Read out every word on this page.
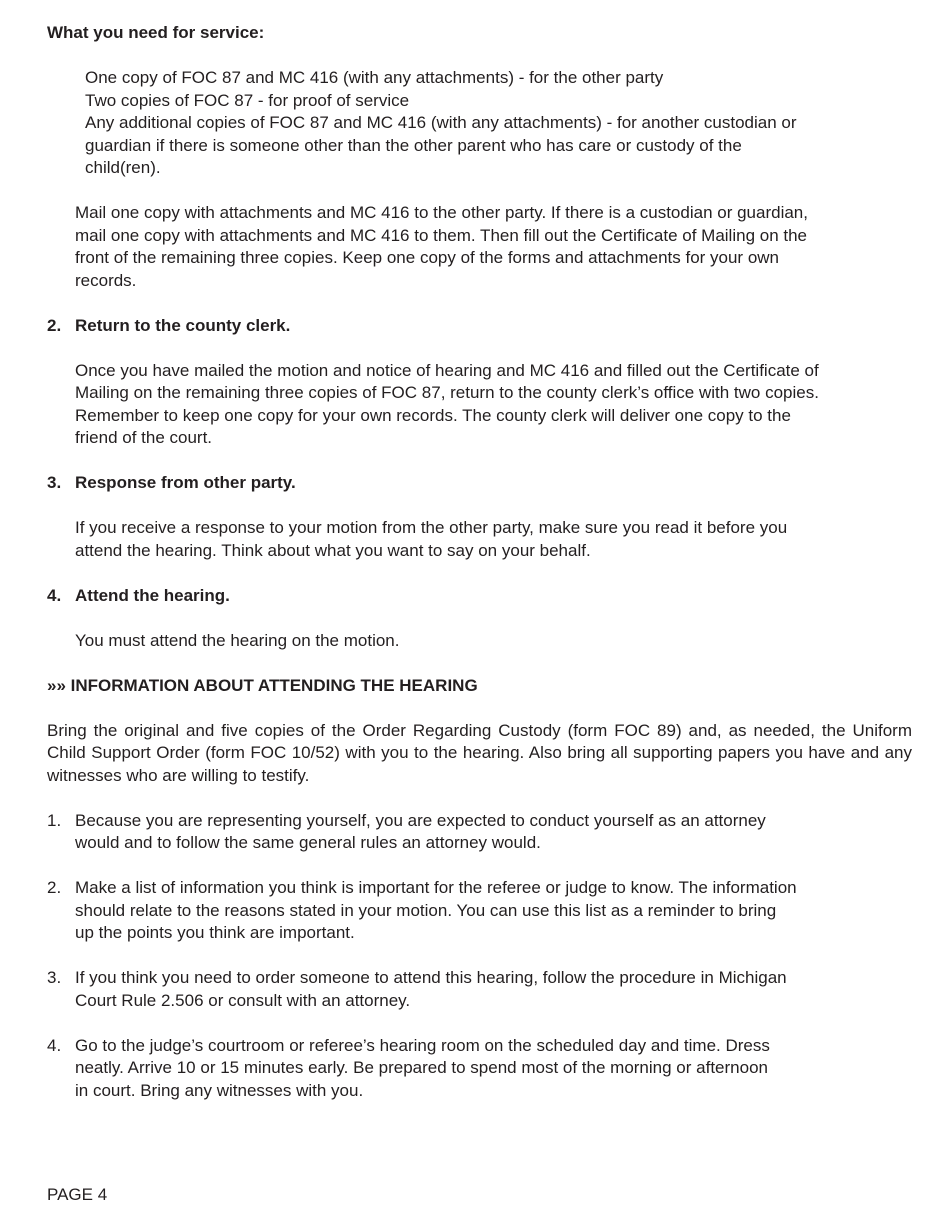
What you need for service:

One copy of FOC 87 and MC 416 (with any attachments) - for the other party

Two copies of FOC 87 - for proof of service

Any additional copies of FOC 87 and MC 416 (with any attachments) - for another custodian or

guardian if there is someone other than the other parent who has care or custody of the

child(ren).

Mail one copy with attachments and MC 416 to the other party. If there is a custodian or guardian,

mail one copy with attachments and MC 416 to them. Then fill out the Certificate of Mailing on the

front of the remaining three copies. Keep one copy of the forms and attachments for your own

records.

2. Return to the county clerk.

Once you have mailed the motion and notice of hearing and MC 416 and filled out the Certificate of

Mailing on the remaining three copies of FOC 87, return to the county clerk’s office with two copies.

Remember to keep one copy for your own records. The county clerk will deliver one copy to the

friend of the court.

3. Response from other party.

If you receive a response to your motion from the other party, make sure you read it before you

attend the hearing. Think about what you want to say on your behalf.

4. Attend the hearing.

You must attend the hearing on the motion.

»» INFORMATION ABOUT ATTENDING THE HEARING

Bring the original and five copies of the Order Regarding Custody (form FOC 89) and, as needed, the Uniform Child Support Order (form FOC 10/52) with you to the hearing. Also bring all supporting papers you have and any witnesses who are willing to testify.

1. Because you are representing yourself, you are expected to conduct yourself as an attorney

would and to follow the same general rules an attorney would.

2. Make a list of information you think is important for the referee or judge to know. The information

should relate to the reasons stated in your motion. You can use this list as a reminder to bring

up the points you think are important.

3. If you think you need to order someone to attend this hearing, follow the procedure in Michigan

Court Rule 2.506 or consult with an attorney.

4. Go to the judge’s courtroom or referee’s hearing room on the scheduled day and time. Dress

neatly. Arrive 10 or 15 minutes early. Be prepared to spend most of the morning or afternoon

in court. Bring any witnesses with you.

PAGE 4
